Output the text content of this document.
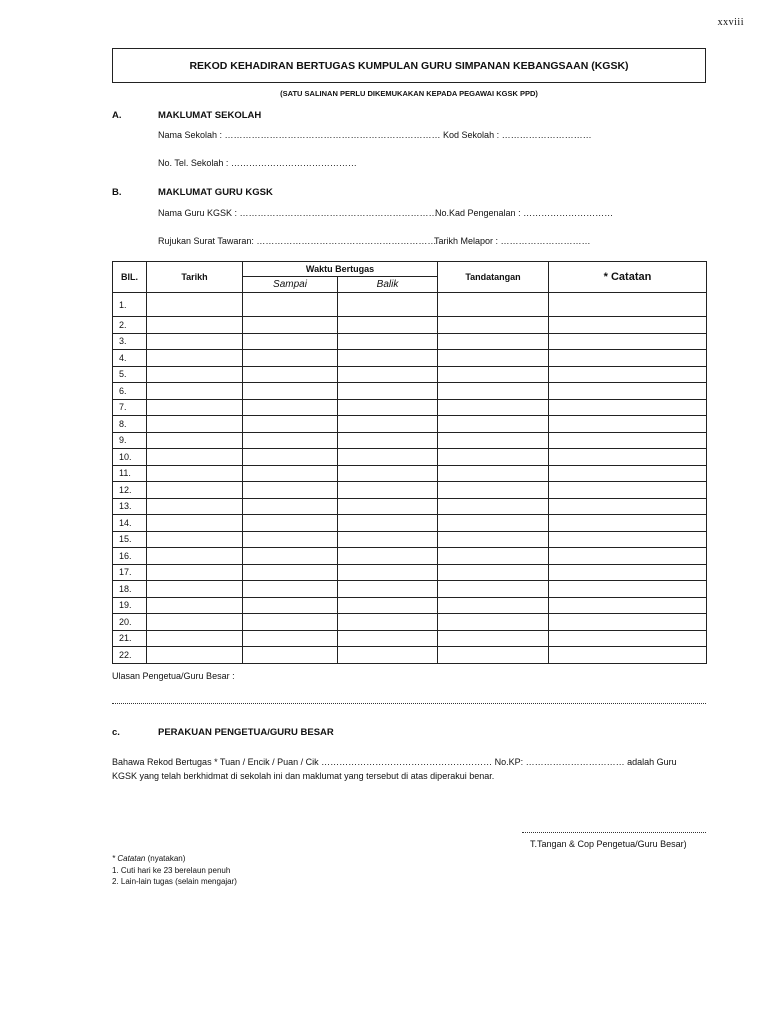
xxviii
REKOD KEHADIRAN BERTUGAS KUMPULAN GURU SIMPANAN KEBANGSAAN (KGSK)
(SATU SALINAN PERLU DIKEMUKAKAN KEPADA PEGAWAI KGSK PPD)
A.	MAKLUMAT SEKOLAH
Nama Sekolah : ……………………………………………………………… Kod Sekolah : …………………………
No. Tel. Sekolah : ……………………………………
B.	MAKLUMAT GURU KGSK
Nama Guru KGSK : …………………………………………………………
No.Kad Pengenalan : …………………………
Rujukan Surat Tawaran: ……………………………………………………
Tarikh Melapor : …………………………
BIL.	Tarikh	Waktu Bertugas		Tandatangan	* Catatan
		Sampai	Balik		
1.					
2.					
3.					
4.					
5.					
6.					
7.					
8.					
9.					
10.					
11.					
12.					
13.					
14.					
15.					
16.					
17.					
18.					
19.					
20.					
21.					
22.					
Ulasan Pengetua/Guru Besar :
c.	PERAKUAN PENGETUA/GURU BESAR
Bahawa Rekod Bertugas * Tuan / Encik / Puan / Cik ………………………………………………… No.KP: …………………………… adalah Guru
KGSK yang telah berkhidmat di sekolah ini dan maklumat yang tersebut di atas diperakui benar.
T.Tangan & Cop Pengetua/Guru Besar)
* Catatan (nyatakan)
1. Cuti hari ke 23 berelaun penuh
2. Lain-lain tugas (selain mengajar)
